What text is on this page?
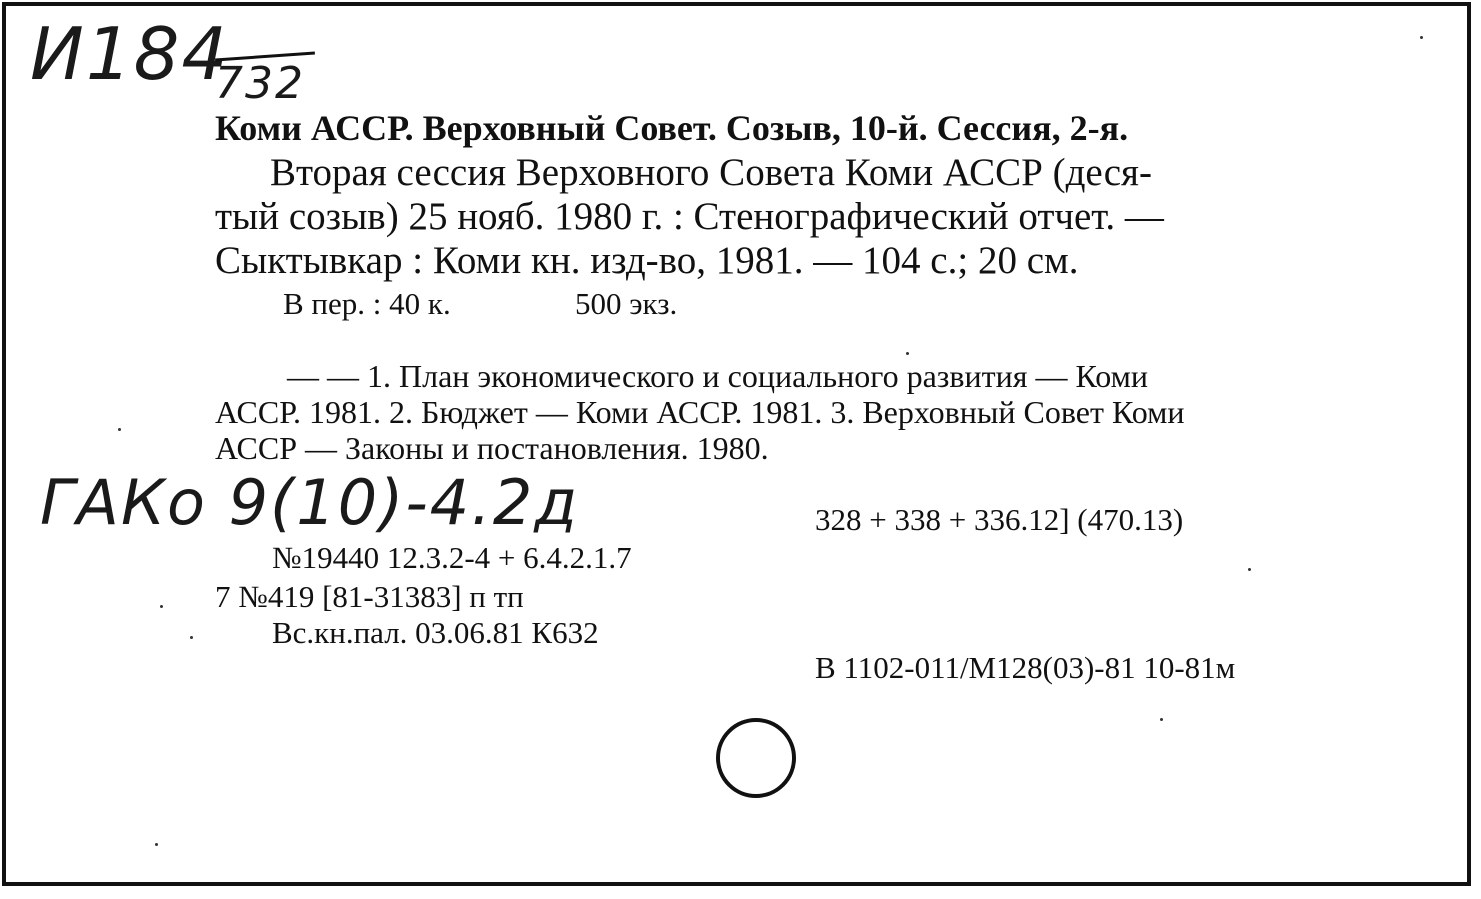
И184
732
Коми АССР. Верховный Совет. Созыв, 10-й. Сессия, 2-я.
Вторая сессия Верховного Совета Коми АССР (деся-
тый созыв) 25 нояб. 1980 г. : Стенографический отчет. —
Сыктывкар : Коми кн. изд-во, 1981. — 104 с.; 20 см.
В пер. : 40 к.	500 экз.
— — 1. План экономического и социального развития — Коми
АССР. 1981. 2. Бюджет — Коми АССР. 1981. 3. Верховный Совет Коми
АССР — Законы и постановления. 1980.
ГАКо 9(10)-4.2д	328 + 338 + 336.12] (470.13)
№19440 12.3.2-4 + 6.4.2.1.7
7 №419 [81-31383] п тп
Вс.кн.пал. 03.06.81 К632
В 1102-011/М128(03)-81 10-81м
